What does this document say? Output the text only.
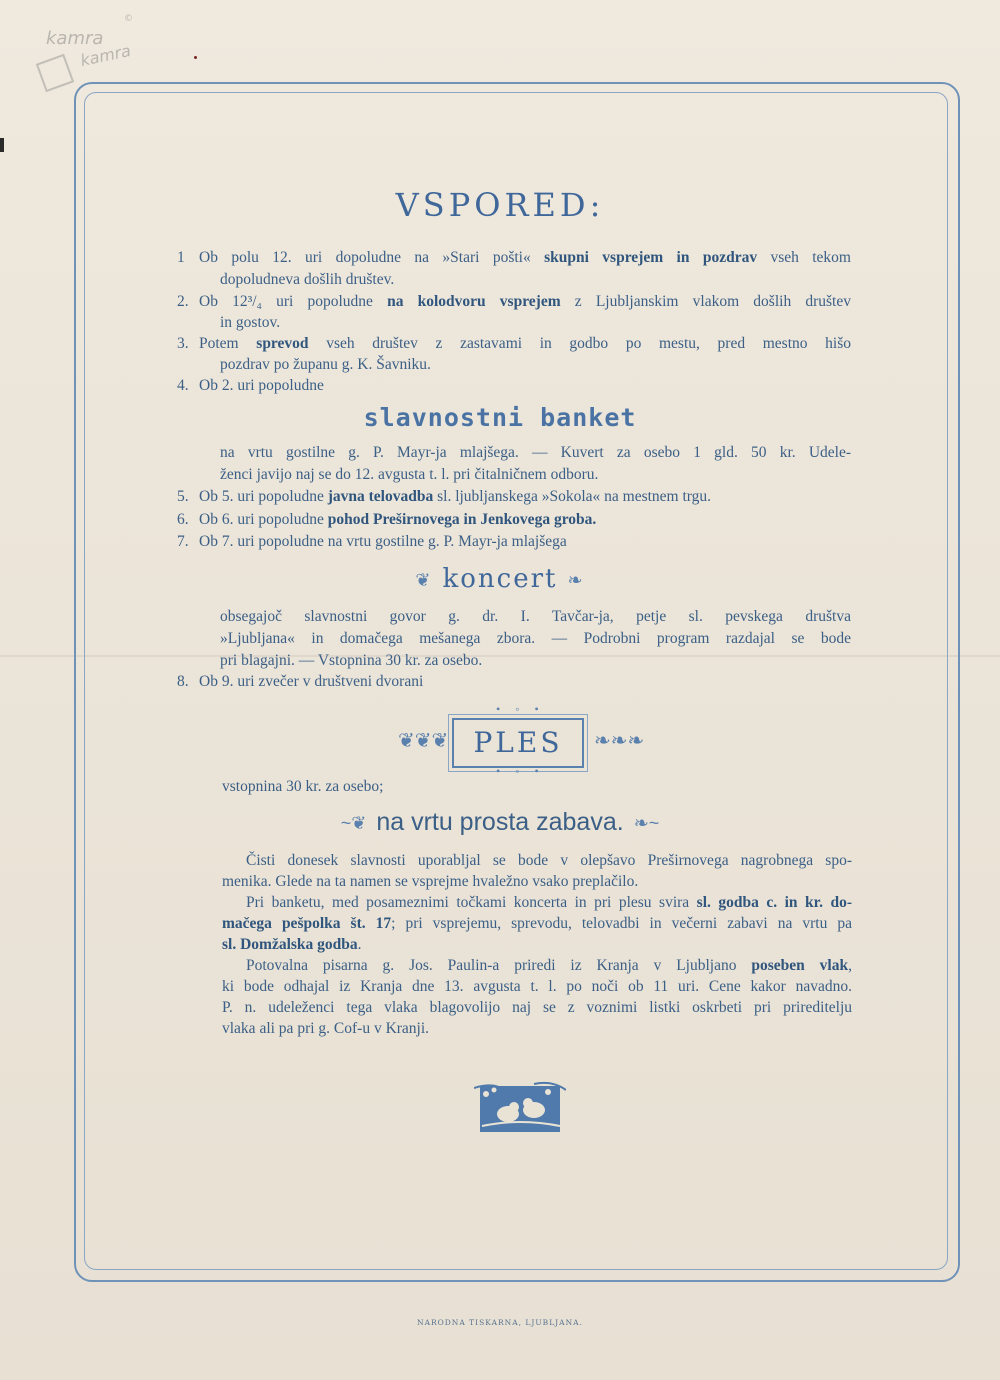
kamra
kamra
©
VSPORED:
slavnostni banket
❦ koncert ❧
• ◦ •
❦❦❦ PLES	❧❧❧
• ◦ •
vstopnina 30 kr. za osebo;
~❦ na vrtu prosta zabava. ❧~
NARODNA TISKARNA, LJUBLJANA.
1 Ob polu 12. uri dopoludne na »Stari pošti« skupni vsprejem in pozdrav vseh tekom
dopoludneva došlih društev.
2. Ob 12³/₄ uri popoludne na kolodvoru vsprejem z Ljubljanskim vlakom došlih društev
in gostov.
3. Potem sprevod vseh društev z zastavami in godbo po mestu, pred mestno hišo
pozdrav po županu g. K. Šavniku.
4. Ob 2. uri popoludne
na vrtu gostilne g. P. Mayr-ja mlajšega. — Kuvert za osebo 1 gld. 50 kr. Udele-
ženci javijo naj se do 12. avgusta t. l. pri čitalničnem odboru.
5. Ob 5. uri popoludne javna telovadba sl. ljubljanskega »Sokola« na mestnem trgu.
6. Ob 6. uri popoludne pohod Preširnovega in Jenkovega groba.
7. Ob 7. uri popoludne na vrtu gostilne g. P. Mayr-ja mlajšega
obsegajoč slavnostni govor g. dr. I. Tavčar-ja, petje sl. pevskega društva
»Ljubljana« in domačega mešanega zbora. — Podrobni program razdajal se bode
pri blagajni. — Vstopnina 30 kr. za osebo.
8. Ob 9. uri zvečer v društveni dvorani
Čisti donesek slavnosti uporabljal se bode v olepšavo Preširnovega nagrobnega spo-
menika. Glede na ta namen se vsprejme hvaležno vsako preplačilo.
Pri banketu, med posameznimi točkami koncerta in pri plesu svira sl. godba c. in kr. do-
mačega pešpolka št. 17; pri vsprejemu, sprevodu, telovadbi in večerni zabavi na vrtu pa
sl. Domžalska godba.
Potovalna pisarna g. Jos. Paulin-a priredi iz Kranja v Ljubljano poseben vlak,
ki bode odhajal iz Kranja dne 13. avgusta t. l. po noči ob 11 uri. Cene kakor navadno.
P. n. udeleženci tega vlaka blagovolijo naj se z voznimi listki oskrbeti pri prireditelju
vlaka ali pa pri g. Cof-u v Kranji.
